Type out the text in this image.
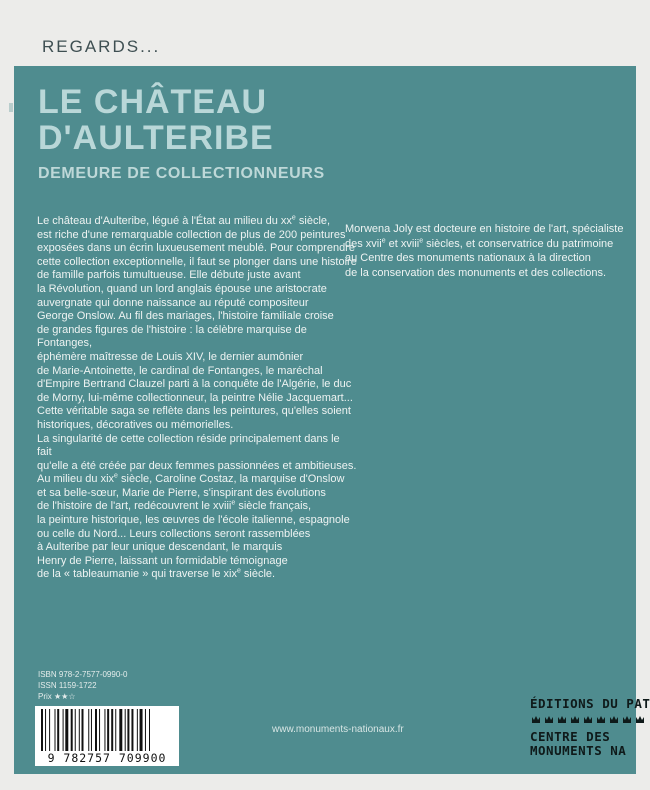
REGARDS...
LE CHÂTEAU
D'AULTERIBE
DEMEURE DE COLLECTIONNEURS

Le château d'Aulteribe, légué à l'État au milieu du $xx^e$ siècle,
est riche d'une remarquable collection de plus de 200 peintures
exposées dans un écrin luxueusement meublé. Pour comprendre
cette collection exceptionnelle, il faut se plonger dans une histoire
de famille parfois tumultueuse. Elle débute juste avant
la Révolution, quand un lord anglais épouse une aristocrate
auvergnate qui donne naissance au réputé compositeur
George Onslow. Au fil des mariages, l'histoire familiale croise
de grandes figures de l'histoire : la célèbre marquise de Fontanges,
éphémère maîtresse de Louis XIV, le dernier aumônier
de Marie-Antoinette, le cardinal de Fontanges, le maréchal
d'Empire Bertrand Clauzel parti à la conquête de l'Algérie, le duc
de Morny, lui-même collectionneur, la peintre Nélie Jacquemart...
Cette véritable saga se reflète dans les peintures, qu'elles soient
historiques, décoratives ou mémorielles.
La singularité de cette collection réside principalement dans le fait
qu'elle a été créée par deux femmes passionnées et ambitieuses.
Au milieu du xix$^e$ siècle, Caroline Costaz, la marquise d'Onslow
et sa belle-sœur, Marie de Pierre, s'inspirant des évolutions
de l'histoire de l'art, redécouvrent le xviii$^e$ siècle français,
la peinture historique, les œuvres de l'école italienne, espagnole
ou celle du Nord... Leurs collections seront rassemblées
à Aulteribe par leur unique descendant, le marquis
Henry de Pierre, laissant un formidable témoignage
de la « tableaumanie » qui traverse le xix$^e$ siècle.

Morwena Joly est docteure en histoire de l'art, spécialiste
des xvii$^e$ et xviii$^e$ siècles, et conservatrice du patrimoine
au Centre des monuments nationaux à la direction
de la conservation des monuments et des collections.

ISBN 978-2-7577-0990-0
ISSN 1159-1722
Prix ★★☆
9 782757 709900
www.monuments-nationaux.fr
ÉDITIONS DU PAT
CENTRE DES
MONUMENTS NA
